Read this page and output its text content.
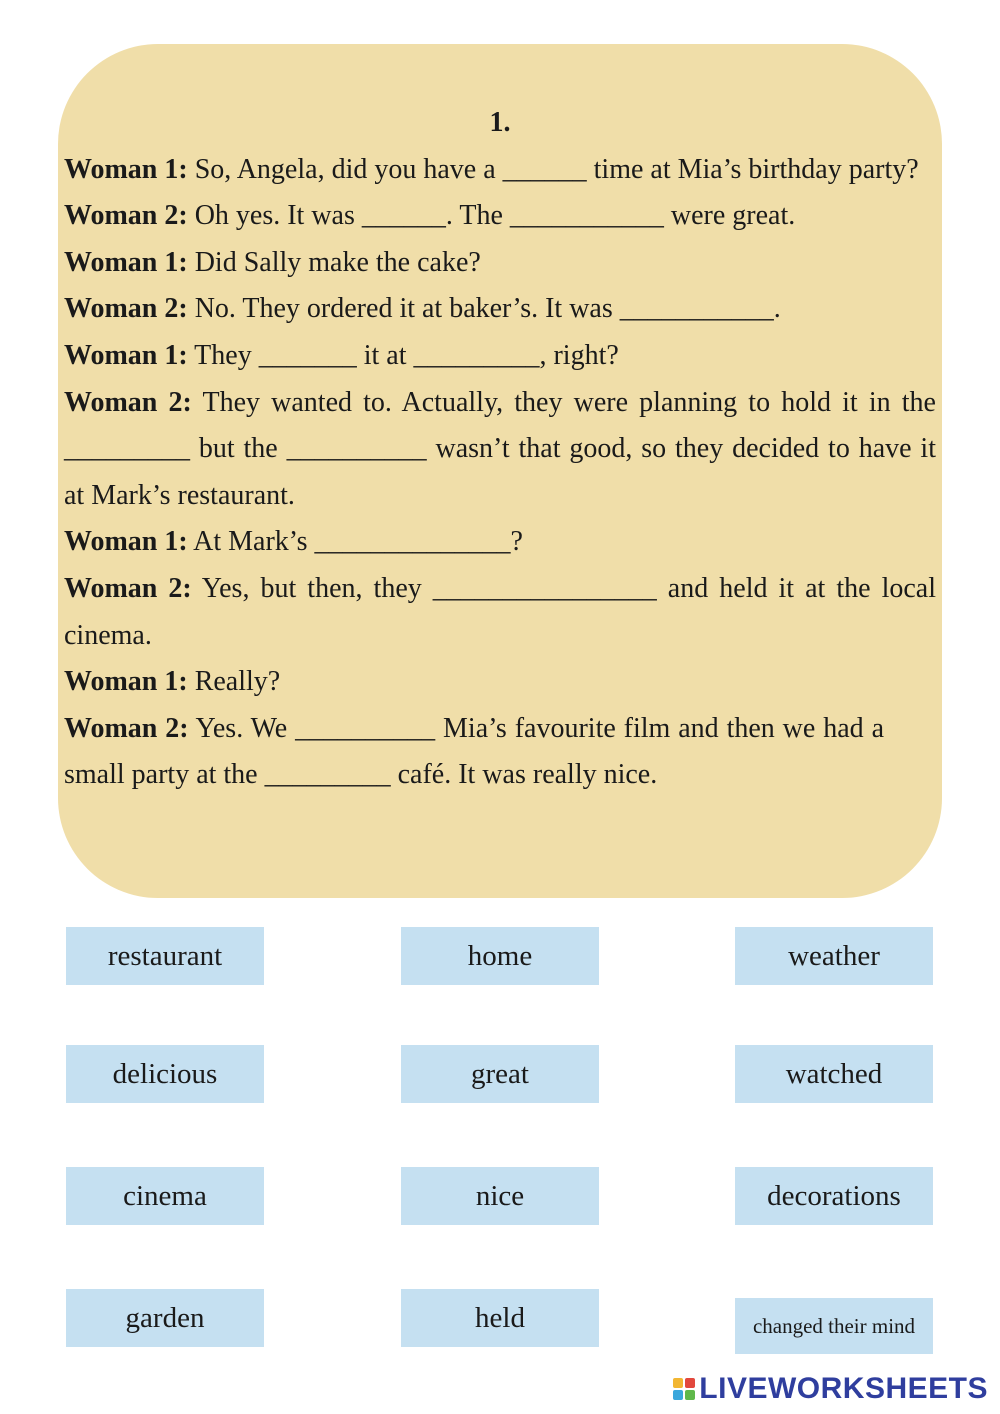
1.

Woman 1: So, Angela, did you have a ______ time at Mia’s birthday party?

Woman 2: Oh yes. It was ______. The ___________ were great.

Woman 1: Did Sally make the cake?

Woman 2: No. They ordered it at baker’s. It was ___________.

Woman 1: They _______ it at _________, right?

Woman 2: They wanted to. Actually, they were planning to hold it in the _________ but the __________ wasn’t that good, so they decided to have it at Mark’s restaurant.

Woman 1: At Mark’s ______________?

Woman 2: Yes, but then, they ________________ and held it at the local cinema.

Woman 1: Really?

Woman 2: Yes. We __________ Mia’s favourite film and then we had a small party at the _________ café. It was really nice.

restaurant	home	weather
delicious	great	watched
cinema	nice	decorations
garden	held	changed their mind
LIVEWORKSHEETS
